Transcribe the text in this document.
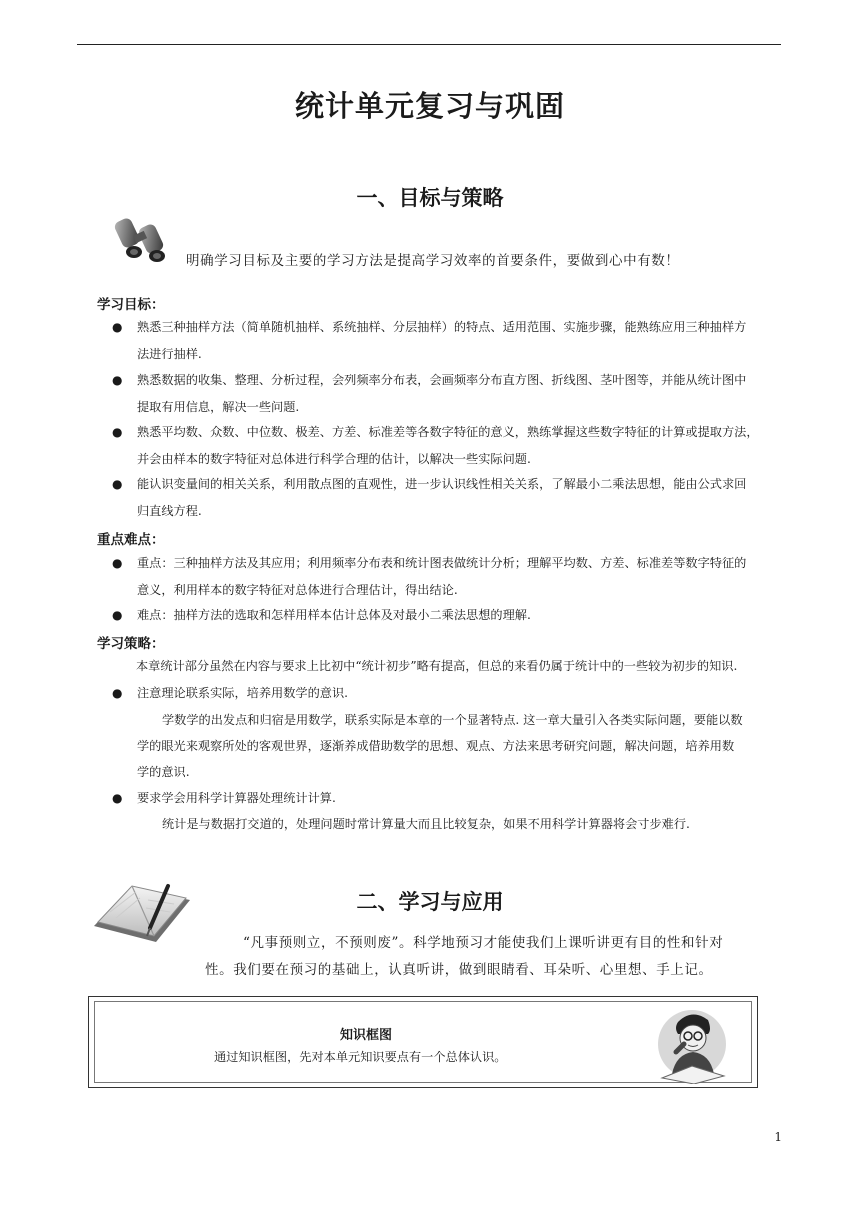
统计单元复习与巩固
一、目标与策略
明确学习目标及主要的学习方法是提高学习效率的首要条件，要做到心中有数！
学习目标：
●
熟悉三种抽样方法（简单随机抽样、系统抽样、分层抽样）的特点、适用范围、实施步骤，能熟练应用三种抽样方
法进行抽样.
●
熟悉数据的收集、整理、分析过程，会列频率分布表，会画频率分布直方图、折线图、茎叶图等，并能从统计图中
提取有用信息，解决一些问题.
●
熟悉平均数、众数、中位数、极差、方差、标准差等各数字特征的意义，熟练掌握这些数字特征的计算或提取方法，
并会由样本的数字特征对总体进行科学合理的估计，以解决一些实际问题.
●
能认识变量间的相关关系，利用散点图的直观性，进一步认识线性相关关系，了解最小二乘法思想，能由公式求回
归直线方程.
重点难点：
●
重点：三种抽样方法及其应用；利用频率分布表和统计图表做统计分析；理解平均数、方差、标准差等数字特征的
意义，利用样本的数字特征对总体进行合理估计，得出结论.
●
难点：抽样方法的选取和怎样用样本估计总体及对最小二乘法思想的理解.
学习策略：
本章统计部分虽然在内容与要求上比初中“统计初步”略有提高，但总的来看仍属于统计中的一些较为初步的知识.
●
注意理论联系实际，培养用数学的意识.
学数学的出发点和归宿是用数学，联系实际是本章的一个显著特点. 这一章大量引入各类实际问题，要能以数
学的眼光来观察所处的客观世界，逐渐养成借助数学的思想、观点、方法来思考研究问题，解决问题，培养用数
学的意识.
●
要求学会用科学计算器处理统计计算.
统计是与数据打交道的，处理问题时常计算量大而且比较复杂，如果不用科学计算器将会寸步难行.
二、学习与应用
“凡事预则立，不预则废”。科学地预习才能使我们上课听讲更有目的性和针对
性。我们要在预习的基础上，认真听讲，做到眼睛看、耳朵听、心里想、手上记。
知识框图
通过知识框图，先对本单元知识要点有一个总体认识。
1
